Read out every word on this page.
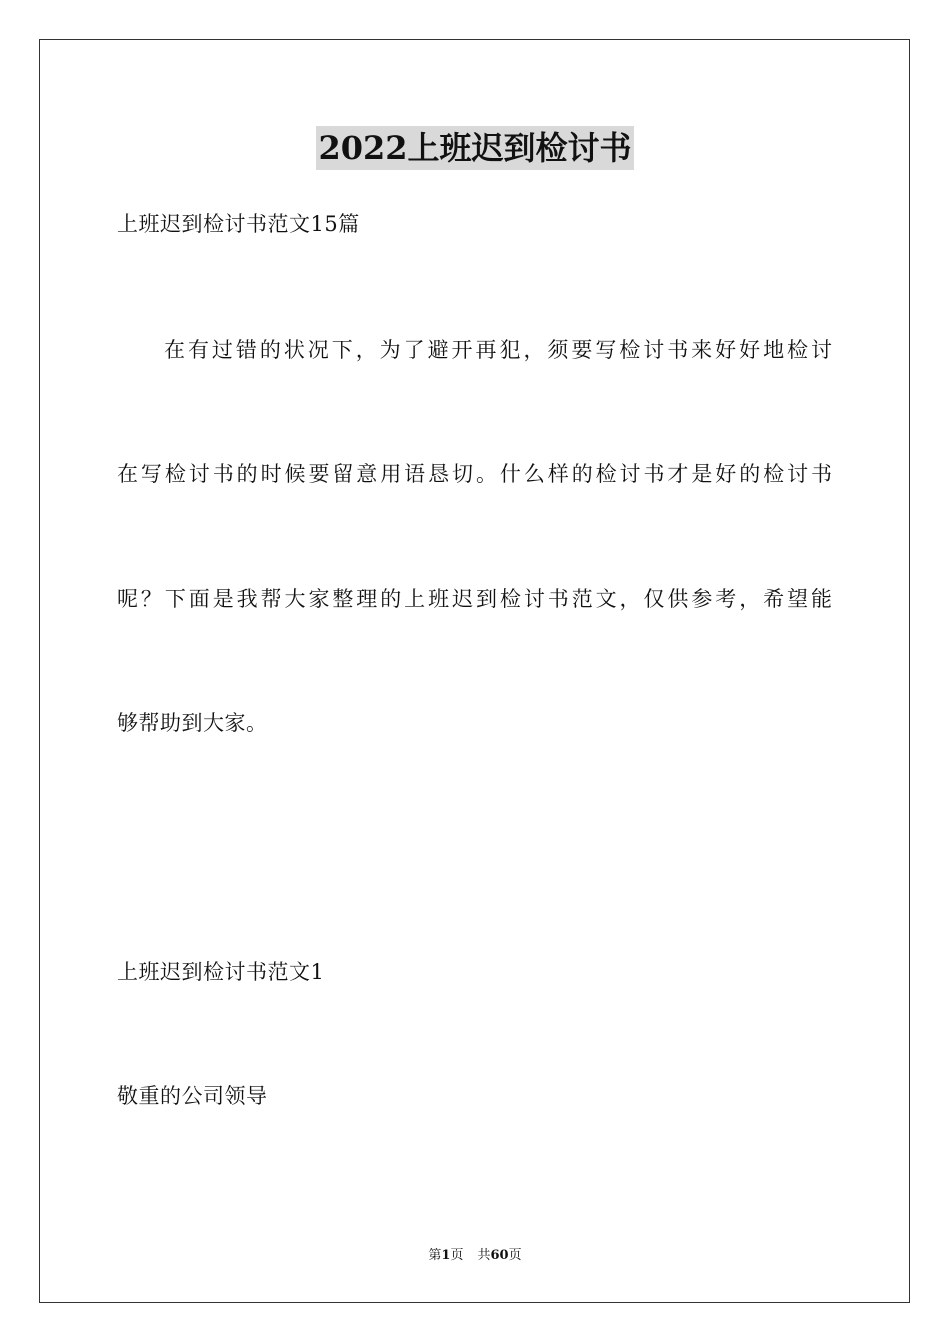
2022上班迟到检讨书
上班迟到检讨书范文15篇
在有过错的状况下，为了避开再犯，须要写检讨书来好好地检讨
在写检讨书的时候要留意用语恳切。什么样的检讨书才是好的检讨书
呢？下面是我帮大家整理的上班迟到检讨书范文，仅供参考，希望能
够帮助到大家。
上班迟到检讨书范文1
敬重的公司领导
第1页 共60页
